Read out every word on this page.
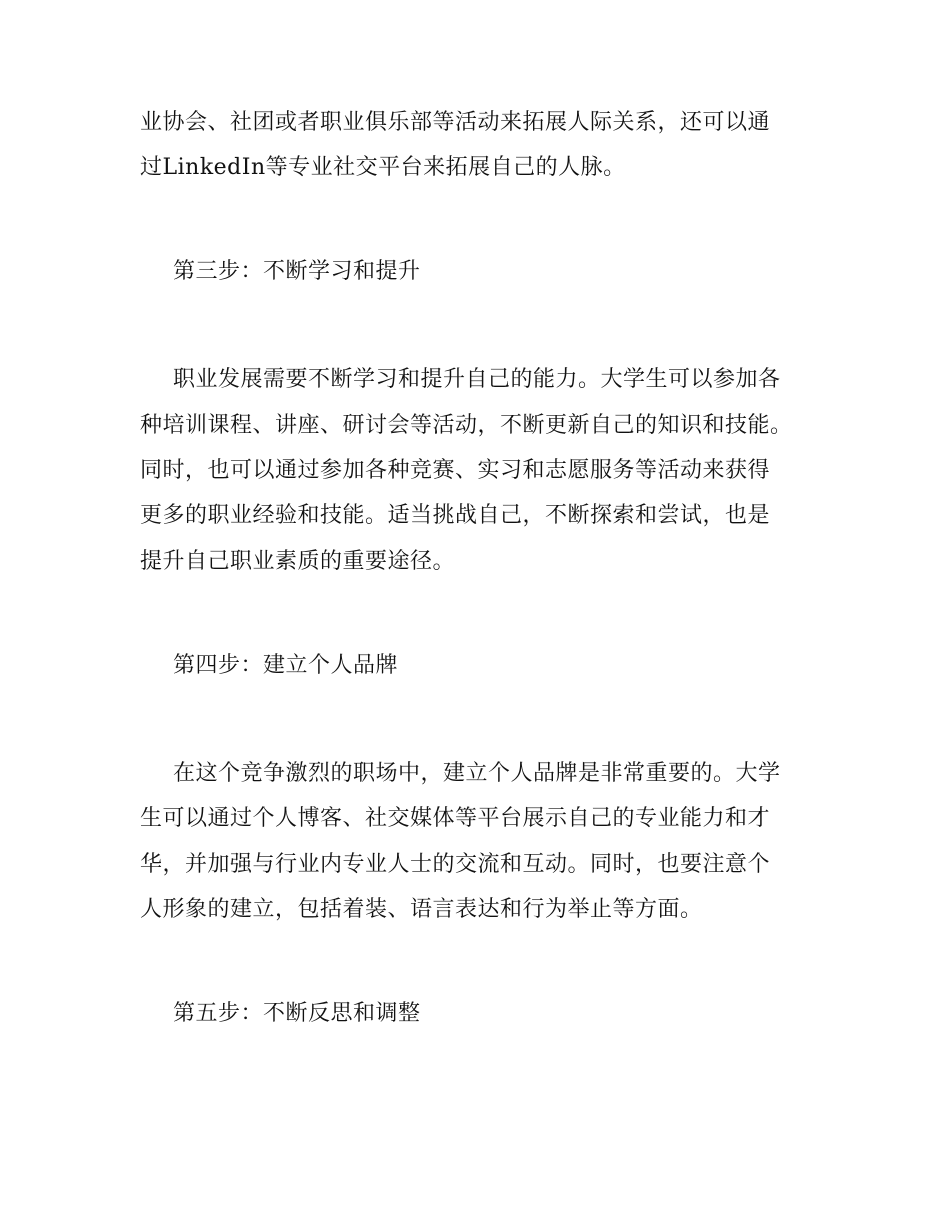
业协会、社团或者职业俱乐部等活动来拓展人际关系，还可以通
过LinkedIn等专业社交平台来拓展自己的人脉。
第三步：不断学习和提升
职业发展需要不断学习和提升自己的能力。大学生可以参加各
种培训课程、讲座、研讨会等活动，不断更新自己的知识和技能。
同时，也可以通过参加各种竞赛、实习和志愿服务等活动来获得
更多的职业经验和技能。适当挑战自己，不断探索和尝试，也是
提升自己职业素质的重要途径。
第四步：建立个人品牌
在这个竞争激烈的职场中，建立个人品牌是非常重要的。大学
生可以通过个人博客、社交媒体等平台展示自己的专业能力和才
华，并加强与行业内专业人士的交流和互动。同时，也要注意个
人形象的建立，包括着装、语言表达和行为举止等方面。
第五步：不断反思和调整
